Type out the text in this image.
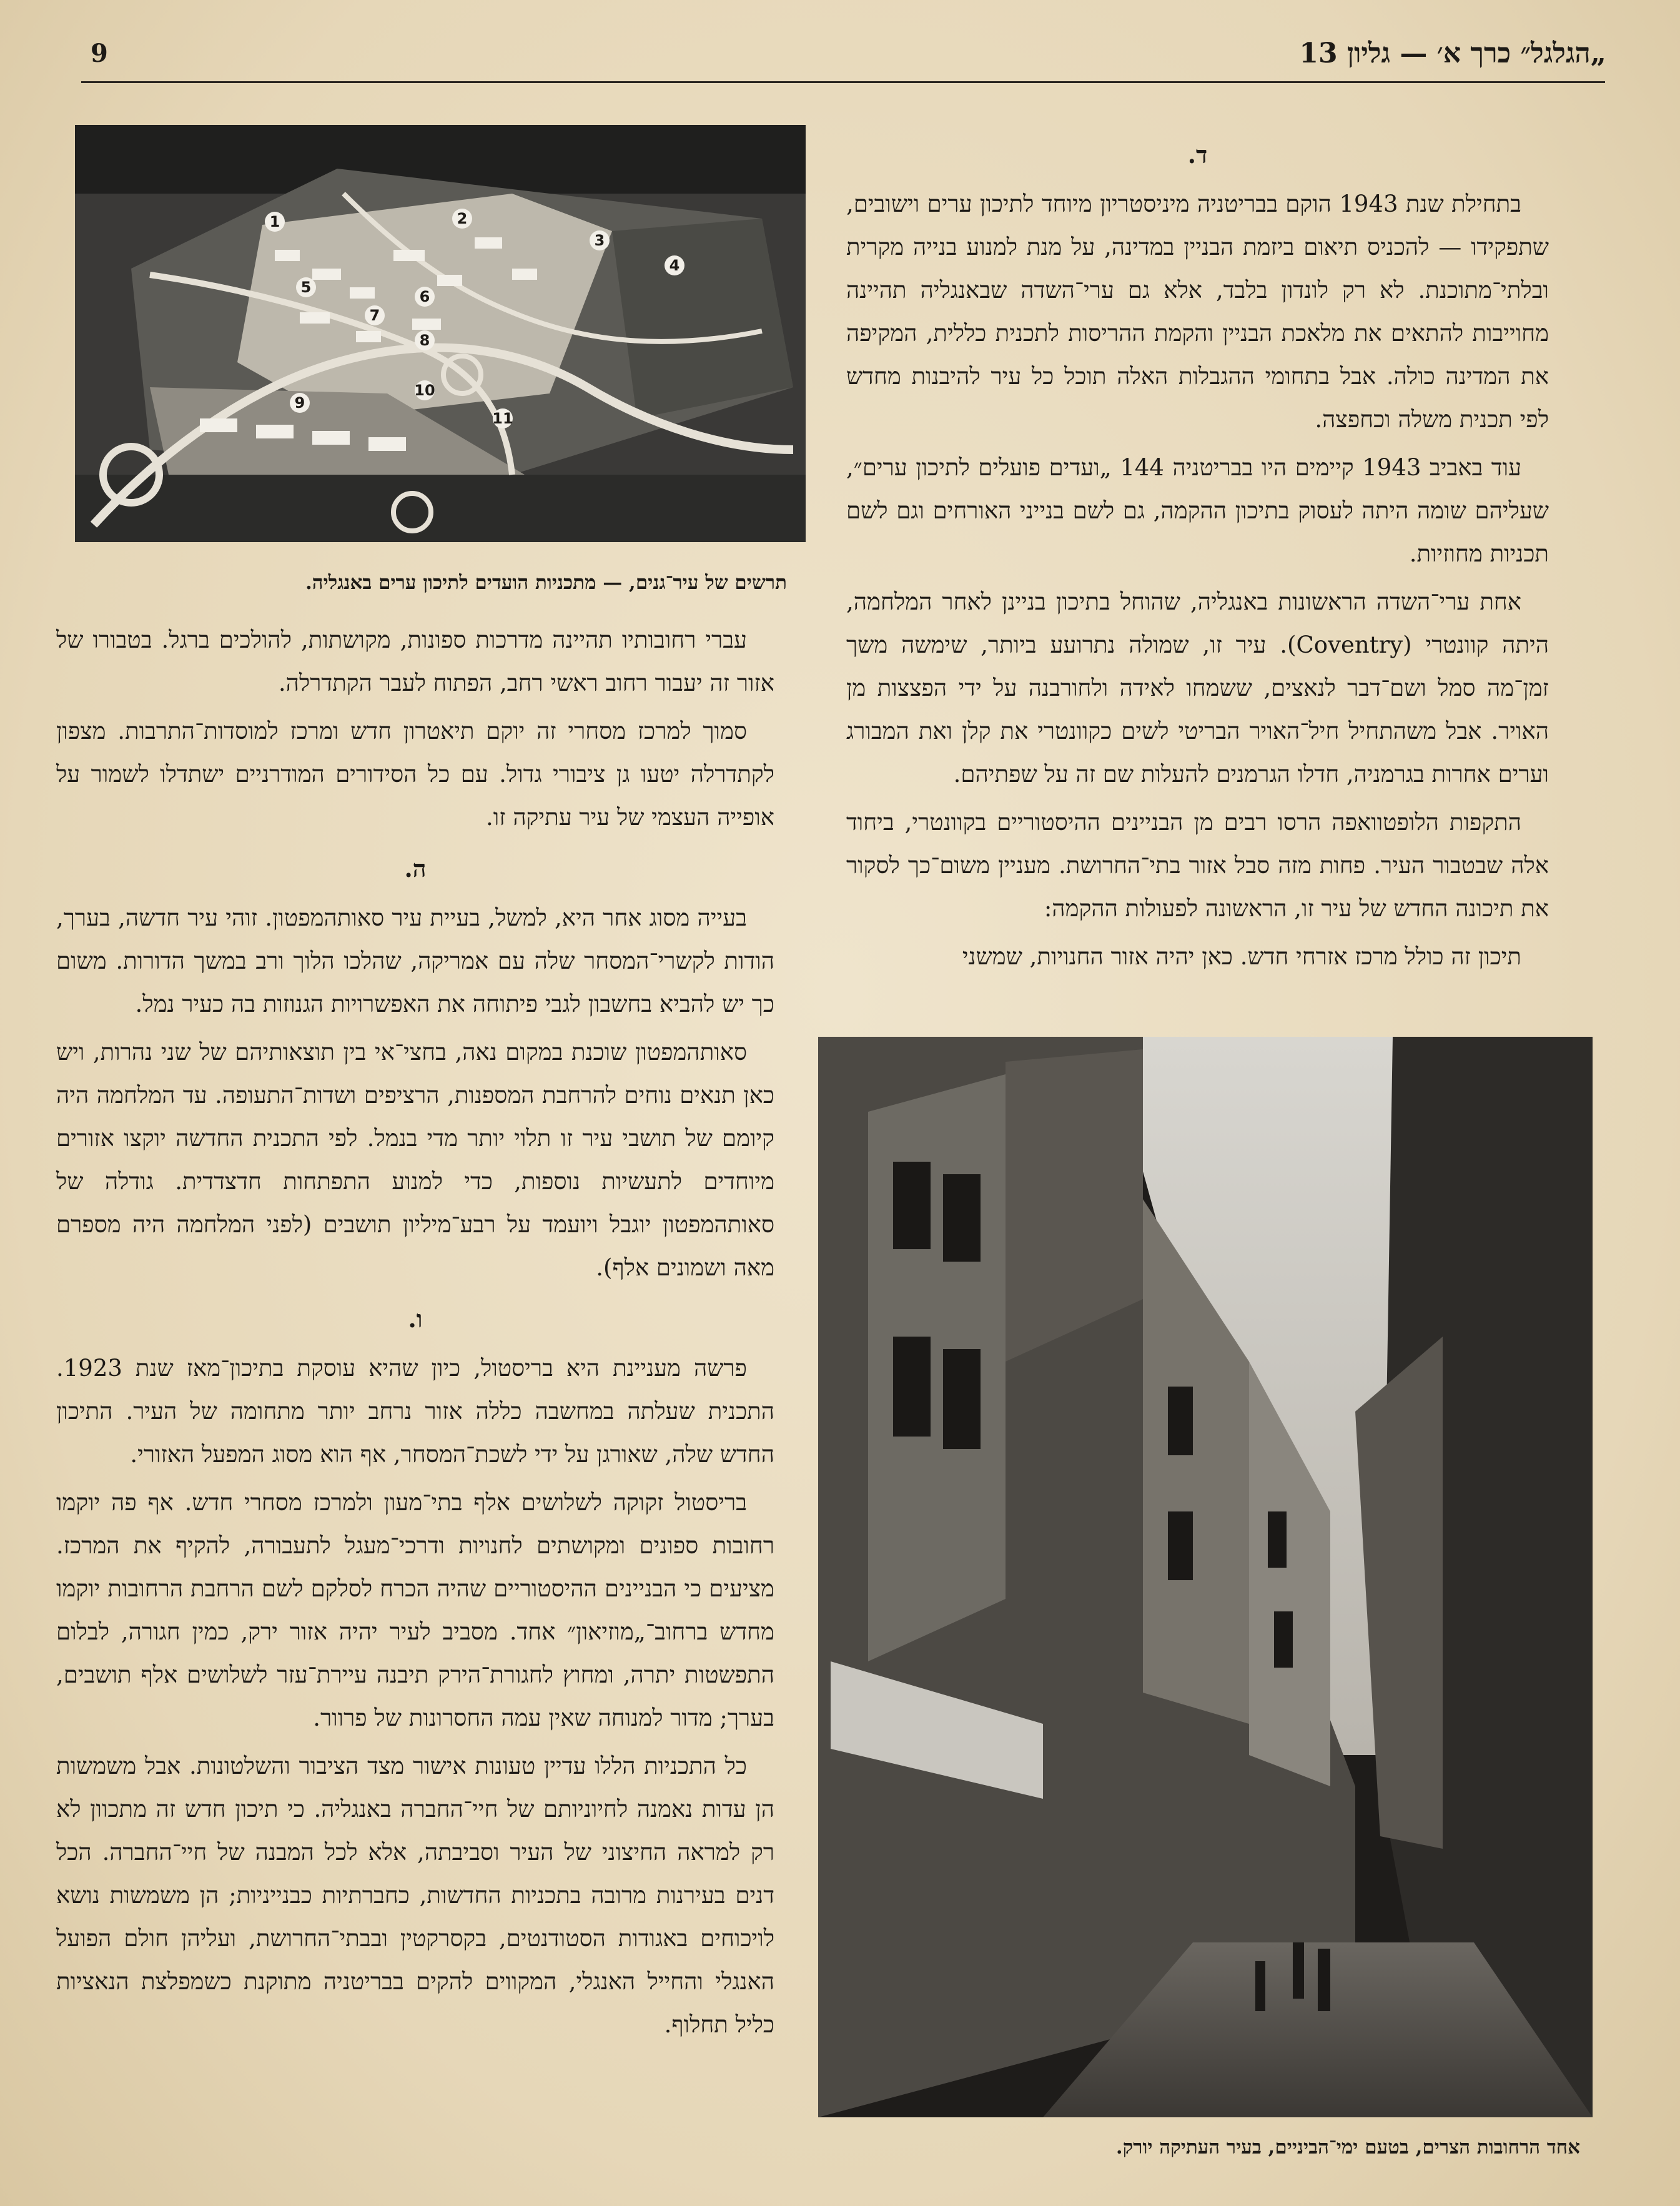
9	„הגלגל״ כרך א׳ — גליון 13
ד.

בתחילת שנת 1943 הוקם בבריטניה מיניסטריון מיוחד לתיכון ערים וישובים, שתפקידו — להכניס תיאום ביזמת הבניין במדינה, על מנת למנוע בנייה מקרית ובלתי־מתוכנת. לא רק לונדון בלבד, אלא גם ערי־השדה שבאנגליה תהיינה מחוייבות להתאים את מלאכת הבניין והקמת ההריסות לתכנית כללית, המקיפה את המדינה כולה. אבל בתחומי ההגבלות האלה תוכל כל עיר להיבנות מחדש לפי תכנית משלה וכחפצה.

עוד באביב 1943 קיימים היו בבריטניה 144 „ועדים פועלים לתיכון ערים״, שעליהם שומה היתה לעסוק בתיכון ההקמה, גם לשם בנייני האורחים וגם לשם תכניות מחוזיות.

אחת ערי־השדה הראשונות באנגליה, שהוחל בתיכון בניינן לאחר המלחמה, היתה קוונטרי (Coventry). עיר זו, שמולה נתרועע ביותר, שימשה משך זמן־מה סמל ושם־דבר לנאצים, ששמחו לאידה ולחורבנה על ידי הפצצות מן האויר. אבל משהתחיל חיל־האויר הבריטי לשים כקוונטרי את קלן ואת המבורג וערים אחרות בגרמניה, חדלו הגרמנים להעלות שם זה על שפתיהם.

התקפות הלופטוואפה הרסו רבים מן הבניינים ההיסטוריים בקוונטרי, ביחוד אלה שבטבור העיר. פחות מזה סבל אזור בתי־החרושת. מעניין משום־כך לסקור את תיכונה החדש של עיר זו, הראשונה לפעולות ההקמה:

תיכון זה כולל מרכז אזרחי חדש. כאן יהיה אזור החנויות, שמשני

1	2
3
4
5
6
7
8
9
10
11
תרשים של עיר־גנים, — מתכניות הועדים לתיכון ערים באנגליה.

עברי רחובותיו תהיינה מדרכות ספונות, מקושתות, להולכים ברגל. בטבורו של אזור זה יעבור רחוב ראשי רחב, הפתוח לעבר הקתדרלה.

סמוך למרכז מסחרי זה יוקם תיאטרון חדש ומרכז למוסדות־התרבות. מצפון לקתדרלה יטעו גן ציבורי גדול. עם כל הסידורים המודרניים ישתדלו לשמור על אופייה העצמי של עיר עתיקה זו.

ה.

בעייה מסוג אחר היא, למשל, בעיית עיר סאותהמפטון. זוהי עיר חדשה, בערך, הודות לקשרי־המסחר שלה עם אמריקה, שהלכו הלוך ורב במשך הדורות. משום כך יש להביא בחשבון לגבי פיתוחה את האפשרויות הגנוזות בה כעיר נמל.

סאותהמפטון שוכנת במקום נאה, בחצי־אי בין תוצאותיהם של שני נהרות, ויש כאן תנאים נוחים להרחבת המספנות, הרציפים ושדות־התעופה. עד המלחמה היה קיומם של תושבי עיר זו תלוי יותר מדי בנמל. לפי התכנית החדשה יוקצו אזורים מיוחדים לתעשיות נוספות, כדי למנוע התפתחות חדצדדית. גודלה של סאותהמפטון יוגבל ויועמד על רבע־מיליון תושבים (לפני המלחמה היה מספרם מאה ושמונים אלף).

ו.

פרשה מעניינת היא בריסטול, כיון שהיא עוסקת בתיכון־מאז שנת 1923. התכנית שעלתה במחשבה כללה אזור נרחב יותר מתחומה של העיר. התיכון החדש שלה, שאורגן על ידי לשכת־המסחר, אף הוא מסוג המפעל האזורי.

בריסטול זקוקה לשלושים אלף בתי־מעון ולמרכז מסחרי חדש. אף פה יוקמו רחובות ספונים ומקושתים לחנויות ודרכי־מעגל לתעבורה, להקיף את המרכז. מציעים כי הבניינים ההיסטוריים שהיה הכרח לסלקם לשם הרחבת הרחובות יוקמו מחדש ברחוב־„מוזיאון״ אחד. מסביב לעיר יהיה אזור ירק, כמין חגורה, לבלום התפשטות יתרה, ומחוץ לחגורת־הירק תיבנה עיירת־עזר לשלושים אלף תושבים, בערך; מדור למנוחה שאין עמה החסרונות של פרוור.

כל התכניות הללו עדיין טעונות אישור מצד הציבור והשלטונות. אבל משמשות הן עדות נאמנה לחיוניותם של חיי־החברה באנגליה. כי תיכון חדש זה מתכוון לא רק למראה החיצוני של העיר וסביבתה, אלא לכל המבנה של חיי־החברה. הכל דנים בעירנות מרובה בתכניות החדשות, כחברתיות כבנייניות; הן משמשות נושא לויכוחים באגודות הסטודנטים, בקסרקטין ובבתי־החרושת, ועליהן חולם הפועל האנגלי והחייל האנגלי, המקווים להקים בבריטניה מתוקנת כשמפלצת הנאציות כליל תחלוף.

אחד הרחובות הצרים, בטעם ימי־הביניים, בעיר העתיקה יורק.
